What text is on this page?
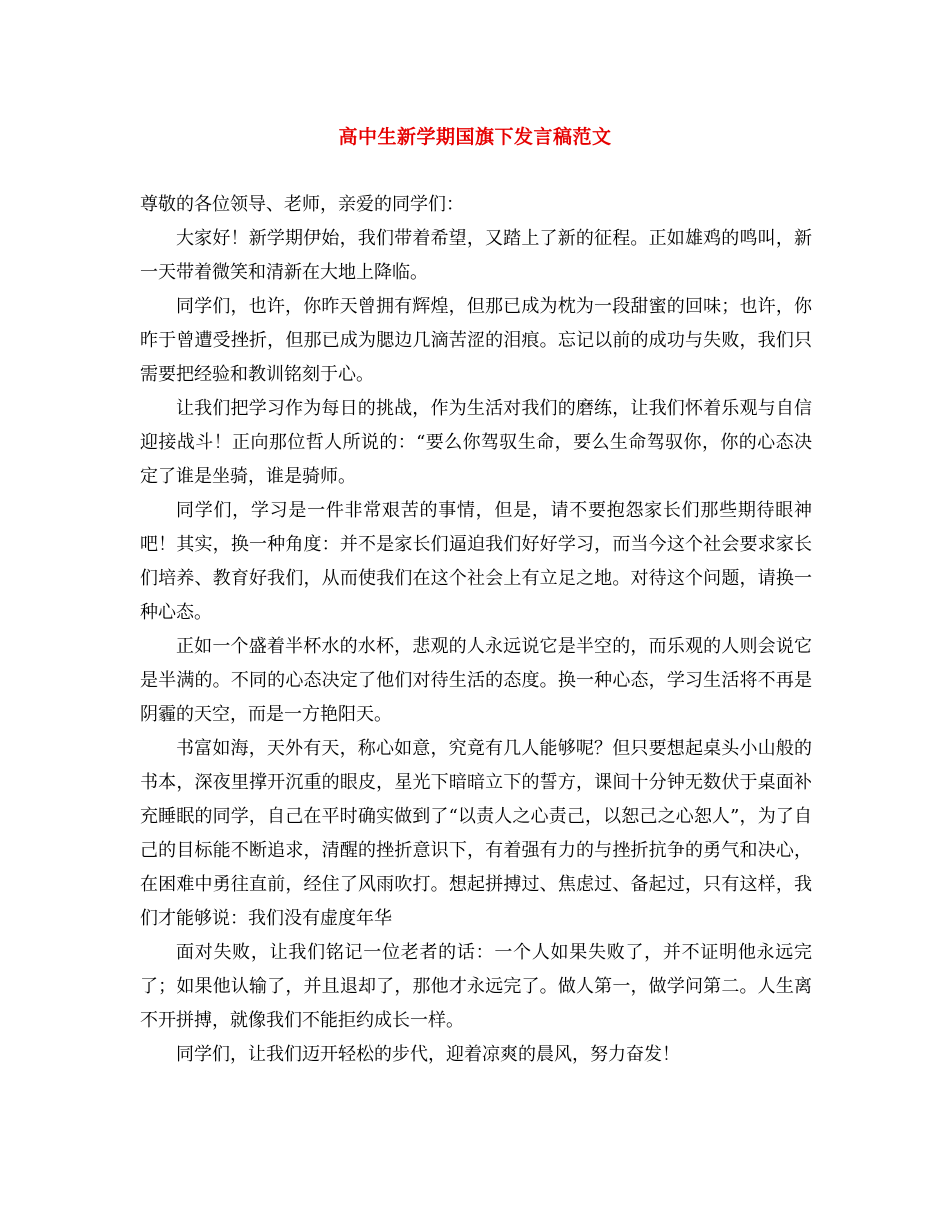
高中生新学期国旗下发言稿范文

尊敬的各位领导、老师，亲爱的同学们：

大家好！新学期伊始，我们带着希望，又踏上了新的征程。正如雄鸡的鸣叫，新一天带着微笑和清新在大地上降临。

同学们，也许，你昨天曾拥有辉煌，但那已成为枕为一段甜蜜的回味；也许，你昨于曾遭受挫折，但那已成为腮边几滴苦涩的泪痕。忘记以前的成功与失败，我们只需要把经验和教训铭刻于心。

让我们把学习作为每日的挑战，作为生活对我们的磨练，让我们怀着乐观与自信迎接战斗！正向那位哲人所说的：“要么你驾驭生命，要么生命驾驭你，你的心态决定了谁是坐骑，谁是骑师。

同学们，学习是一件非常艰苦的事情，但是，请不要抱怨家长们那些期待眼神吧！其实，换一种角度：并不是家长们逼迫我们好好学习，而当今这个社会要求家长们培养、教育好我们，从而使我们在这个社会上有立足之地。对待这个问题，请换一种心态。

正如一个盛着半杯水的水杯，悲观的人永远说它是半空的，而乐观的人则会说它是半满的。不同的心态决定了他们对待生活的态度。换一种心态，学习生活将不再是阴霾的天空，而是一方艳阳天。

书富如海，天外有天，称心如意，究竟有几人能够呢？但只要想起桌头小山般的书本，深夜里撑开沉重的眼皮，星光下暗暗立下的誓方，课间十分钟无数伏于桌面补充睡眠的同学，自己在平时确实做到了“以责人之心责己，以恕己之心恕人”，为了自己的目标能不断追求，清醒的挫折意识下，有着强有力的与挫折抗争的勇气和决心，在困难中勇往直前，经住了风雨吹打。想起拼搏过、焦虑过、备起过，只有这样，我们才能够说：我们没有虚度年华

面对失败，让我们铭记一位老者的话：一个人如果失败了，并不证明他永远完了；如果他认输了，并且退却了，那他才永远完了。做人第一，做学问第二。人生离不开拼搏，就像我们不能拒约成长一样。

同学们，让我们迈开轻松的步代，迎着凉爽的晨风，努力奋发！
